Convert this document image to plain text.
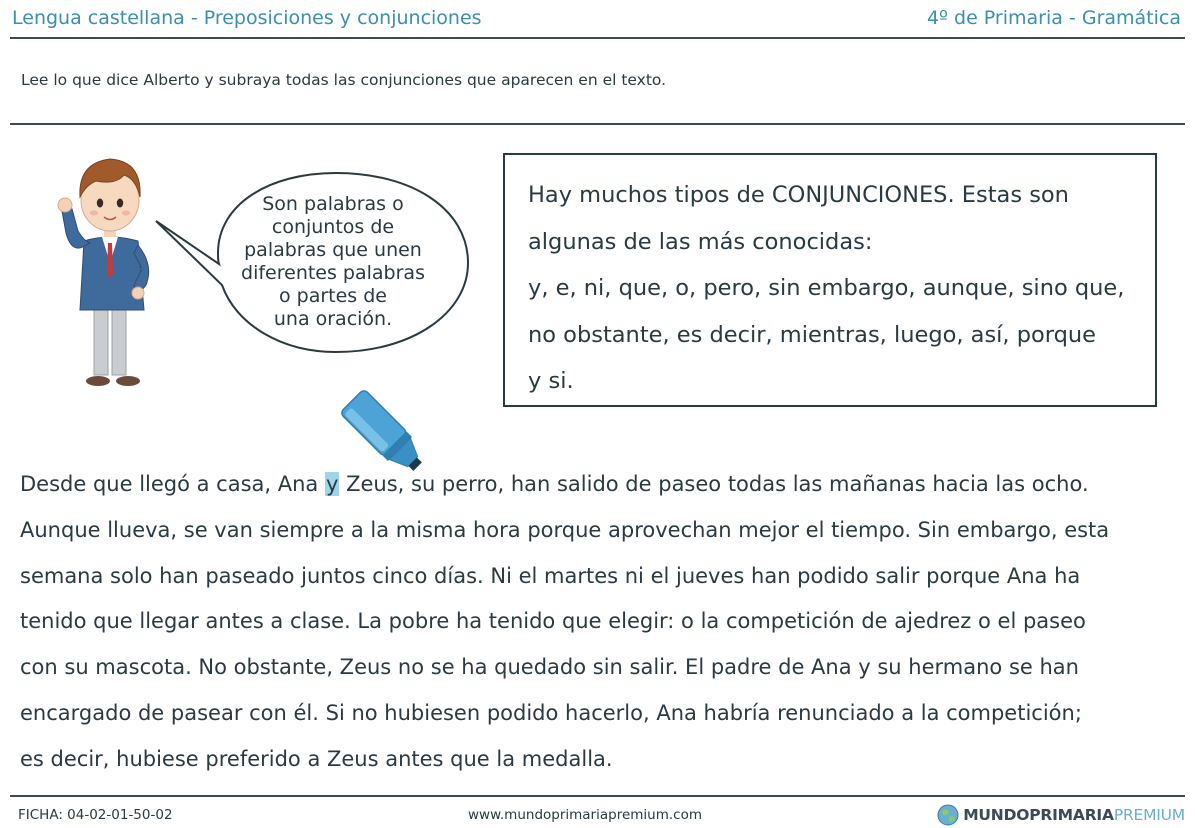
Lengua castellana - Preposiciones y conjunciones	4º de Primaria - Gramática
Lee lo que dice Alberto y subraya todas las conjunciones que aparecen en el texto.
Son palabras o
conjuntos de
palabras que unen
diferentes palabras
o partes de
una oración.
Hay muchos tipos de CONJUNCIONES. Estas son
algunas de las más conocidas:
y, e, ni, que, o, pero, sin embargo, aunque, sino que,
no obstante, es decir, mientras, luego, así, porque
y si.
Desde que llegó a casa, Ana y Zeus, su perro, han salido de paseo todas las mañanas hacia las ocho.
Aunque llueva, se van siempre a la misma hora porque aprovechan mejor el tiempo. Sin embargo, esta
semana solo han paseado juntos cinco días. Ni el martes ni el jueves han podido salir porque Ana ha
tenido que llegar antes a clase. La pobre ha tenido que elegir: o la competición de ajedrez o el paseo
con su mascota. No obstante, Zeus no se ha quedado sin salir. El padre de Ana y su hermano se han
encargado de pasear con él. Si no hubiesen podido hacerlo, Ana habría renunciado a la competición;
es decir, hubiese preferido a Zeus antes que la medalla.
FICHA: 04-02-01-50-02	www.mundoprimariapremium.com	MUNDOPRIMARIAPREMIUM
